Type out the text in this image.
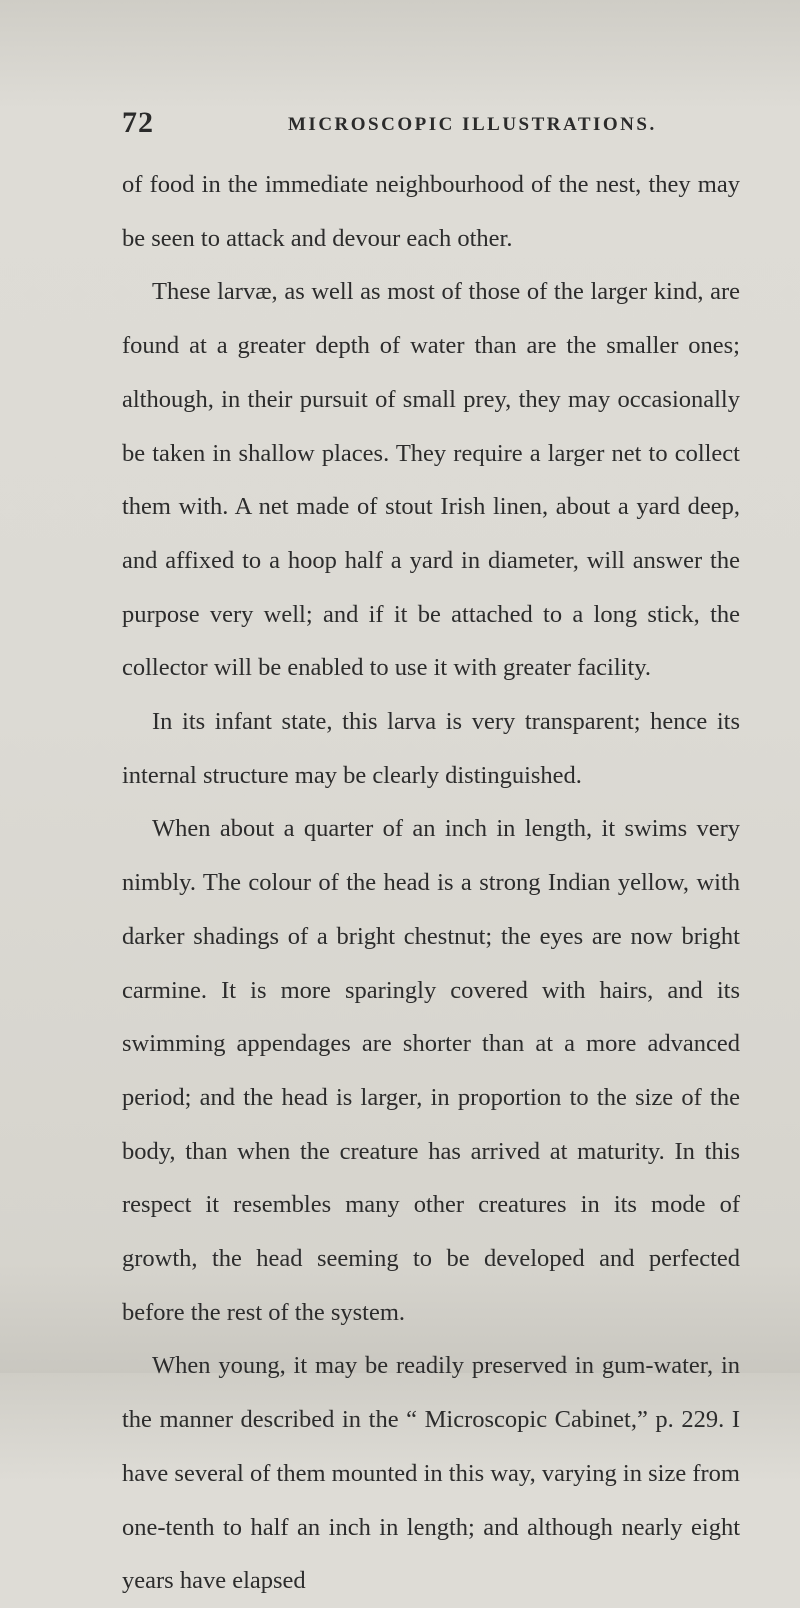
72	MICROSCOPIC ILLUSTRATIONS.

of food in the immediate neighbourhood of the nest, they may be seen to attack and devour each other.

These larvæ, as well as most of those of the larger kind, are found at a greater depth of water than are the smaller ones; although, in their pursuit of small prey, they may occasionally be taken in shallow places. They require a larger net to collect them with. A net made of stout Irish linen, about a yard deep, and affixed to a hoop half a yard in diameter, will answer the purpose very well; and if it be attached to a long stick, the collector will be enabled to use it with greater facility.

In its infant state, this larva is very transparent; hence its internal structure may be clearly distinguished.

When about a quarter of an inch in length, it swims very nimbly. The colour of the head is a strong Indian yellow, with darker shadings of a bright chestnut; the eyes are now bright carmine. It is more sparingly covered with hairs, and its swimming appendages are shorter than at a more advanced period; and the head is larger, in proportion to the size of the body, than when the creature has arrived at maturity. In this respect it resembles many other creatures in its mode of growth, the head seeming to be developed and perfected before the rest of the system.

When young, it may be readily preserved in gum-water, in the manner described in the “ Microscopic Cabinet,” p. 229. I have several of them mounted in this way, varying in size from one-tenth to half an inch in length; and although nearly eight years have elapsed
